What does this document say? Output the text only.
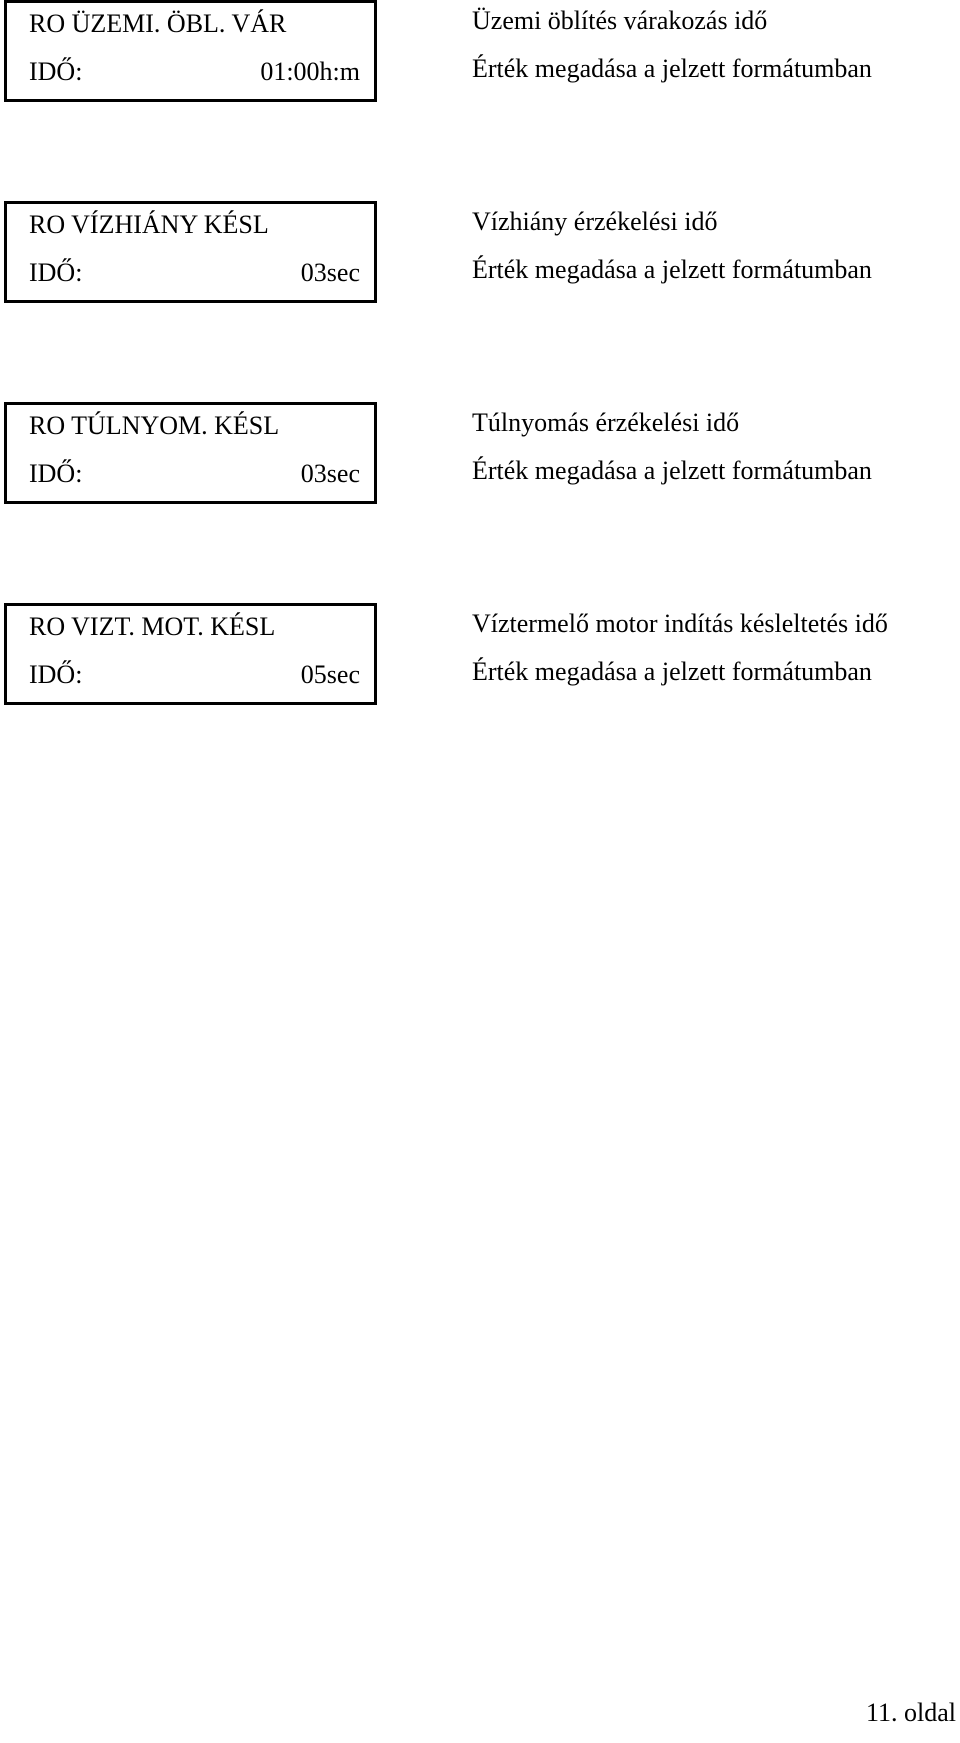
RO ÜZEMI. ÖBL. VÁR
IDŐ:	01:00h:m
Üzemi öblítés várakozás idő
Érték megadása a jelzett formátumban
RO VÍZHIÁNY KÉSL
IDŐ:	03sec
Vízhiány érzékelési idő
Érték megadása a jelzett formátumban
RO TÚLNYOM. KÉSL
IDŐ:	03sec
Túlnyomás érzékelési idő
Érték megadása a jelzett formátumban
RO VIZT. MOT. KÉSL
IDŐ:	05sec
Víztermelő motor indítás késleltetés idő
Érték megadása a jelzett formátumban
11. oldal
